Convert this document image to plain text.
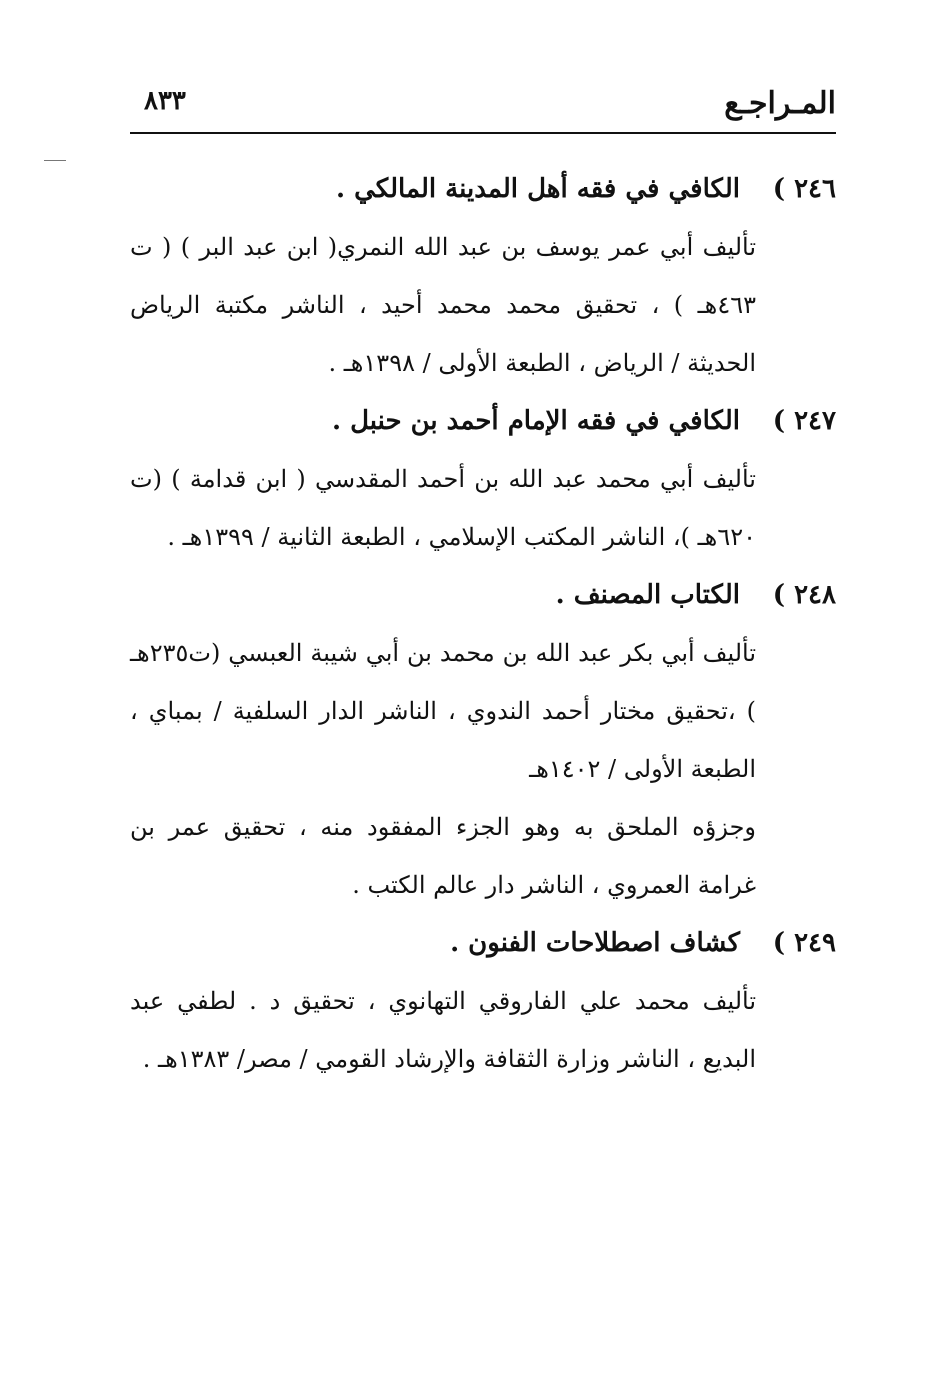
المـراجـع
٨٣٣
٢٤٦ )
الكافي في فقه أهل المدينة المالكي .

تأليف أبي عمر يوسف بن عبد الله النمري( ابن عبد البر ) ( ت ٤٦٣هـ ) ، تحقيق محمد محمد أحيد ، الناشر مكتبة الرياض الحديثة / الرياض ، الطبعة الأولى / ١٣٩٨هـ .

٢٤٧ )
الكافي في فقه الإمام أحمد بن حنبل .

تأليف أبي محمد عبد الله بن أحمد المقدسي ( ابن قدامة ) (ت ٦٢٠هـ )، الناشر المكتب الإسلامي ، الطبعة الثانية / ١٣٩٩هـ .

٢٤٨ )
الكتاب المصنف .

تأليف أبي بكر عبد الله بن محمد بن أبي شيبة العبسي (ت٢٣٥هـ ) ،تحقيق مختار أحمد الندوي ، الناشر الدار السلفية / بمباي ، الطبعة الأولى / ١٤٠٢هـ

وجزؤه الملحق به وهو الجزء المفقود منه ، تحقيق عمر بن غرامة العمروي ، الناشر دار عالم الكتب .

٢٤٩ )
كشاف اصطلاحات الفنون .

تأليف محمد علي الفاروقي التهانوي ، تحقيق د . لطفي عبد البديع ، الناشر وزارة الثقافة والإرشاد القومي / مصر/ ١٣٨٣هـ .
